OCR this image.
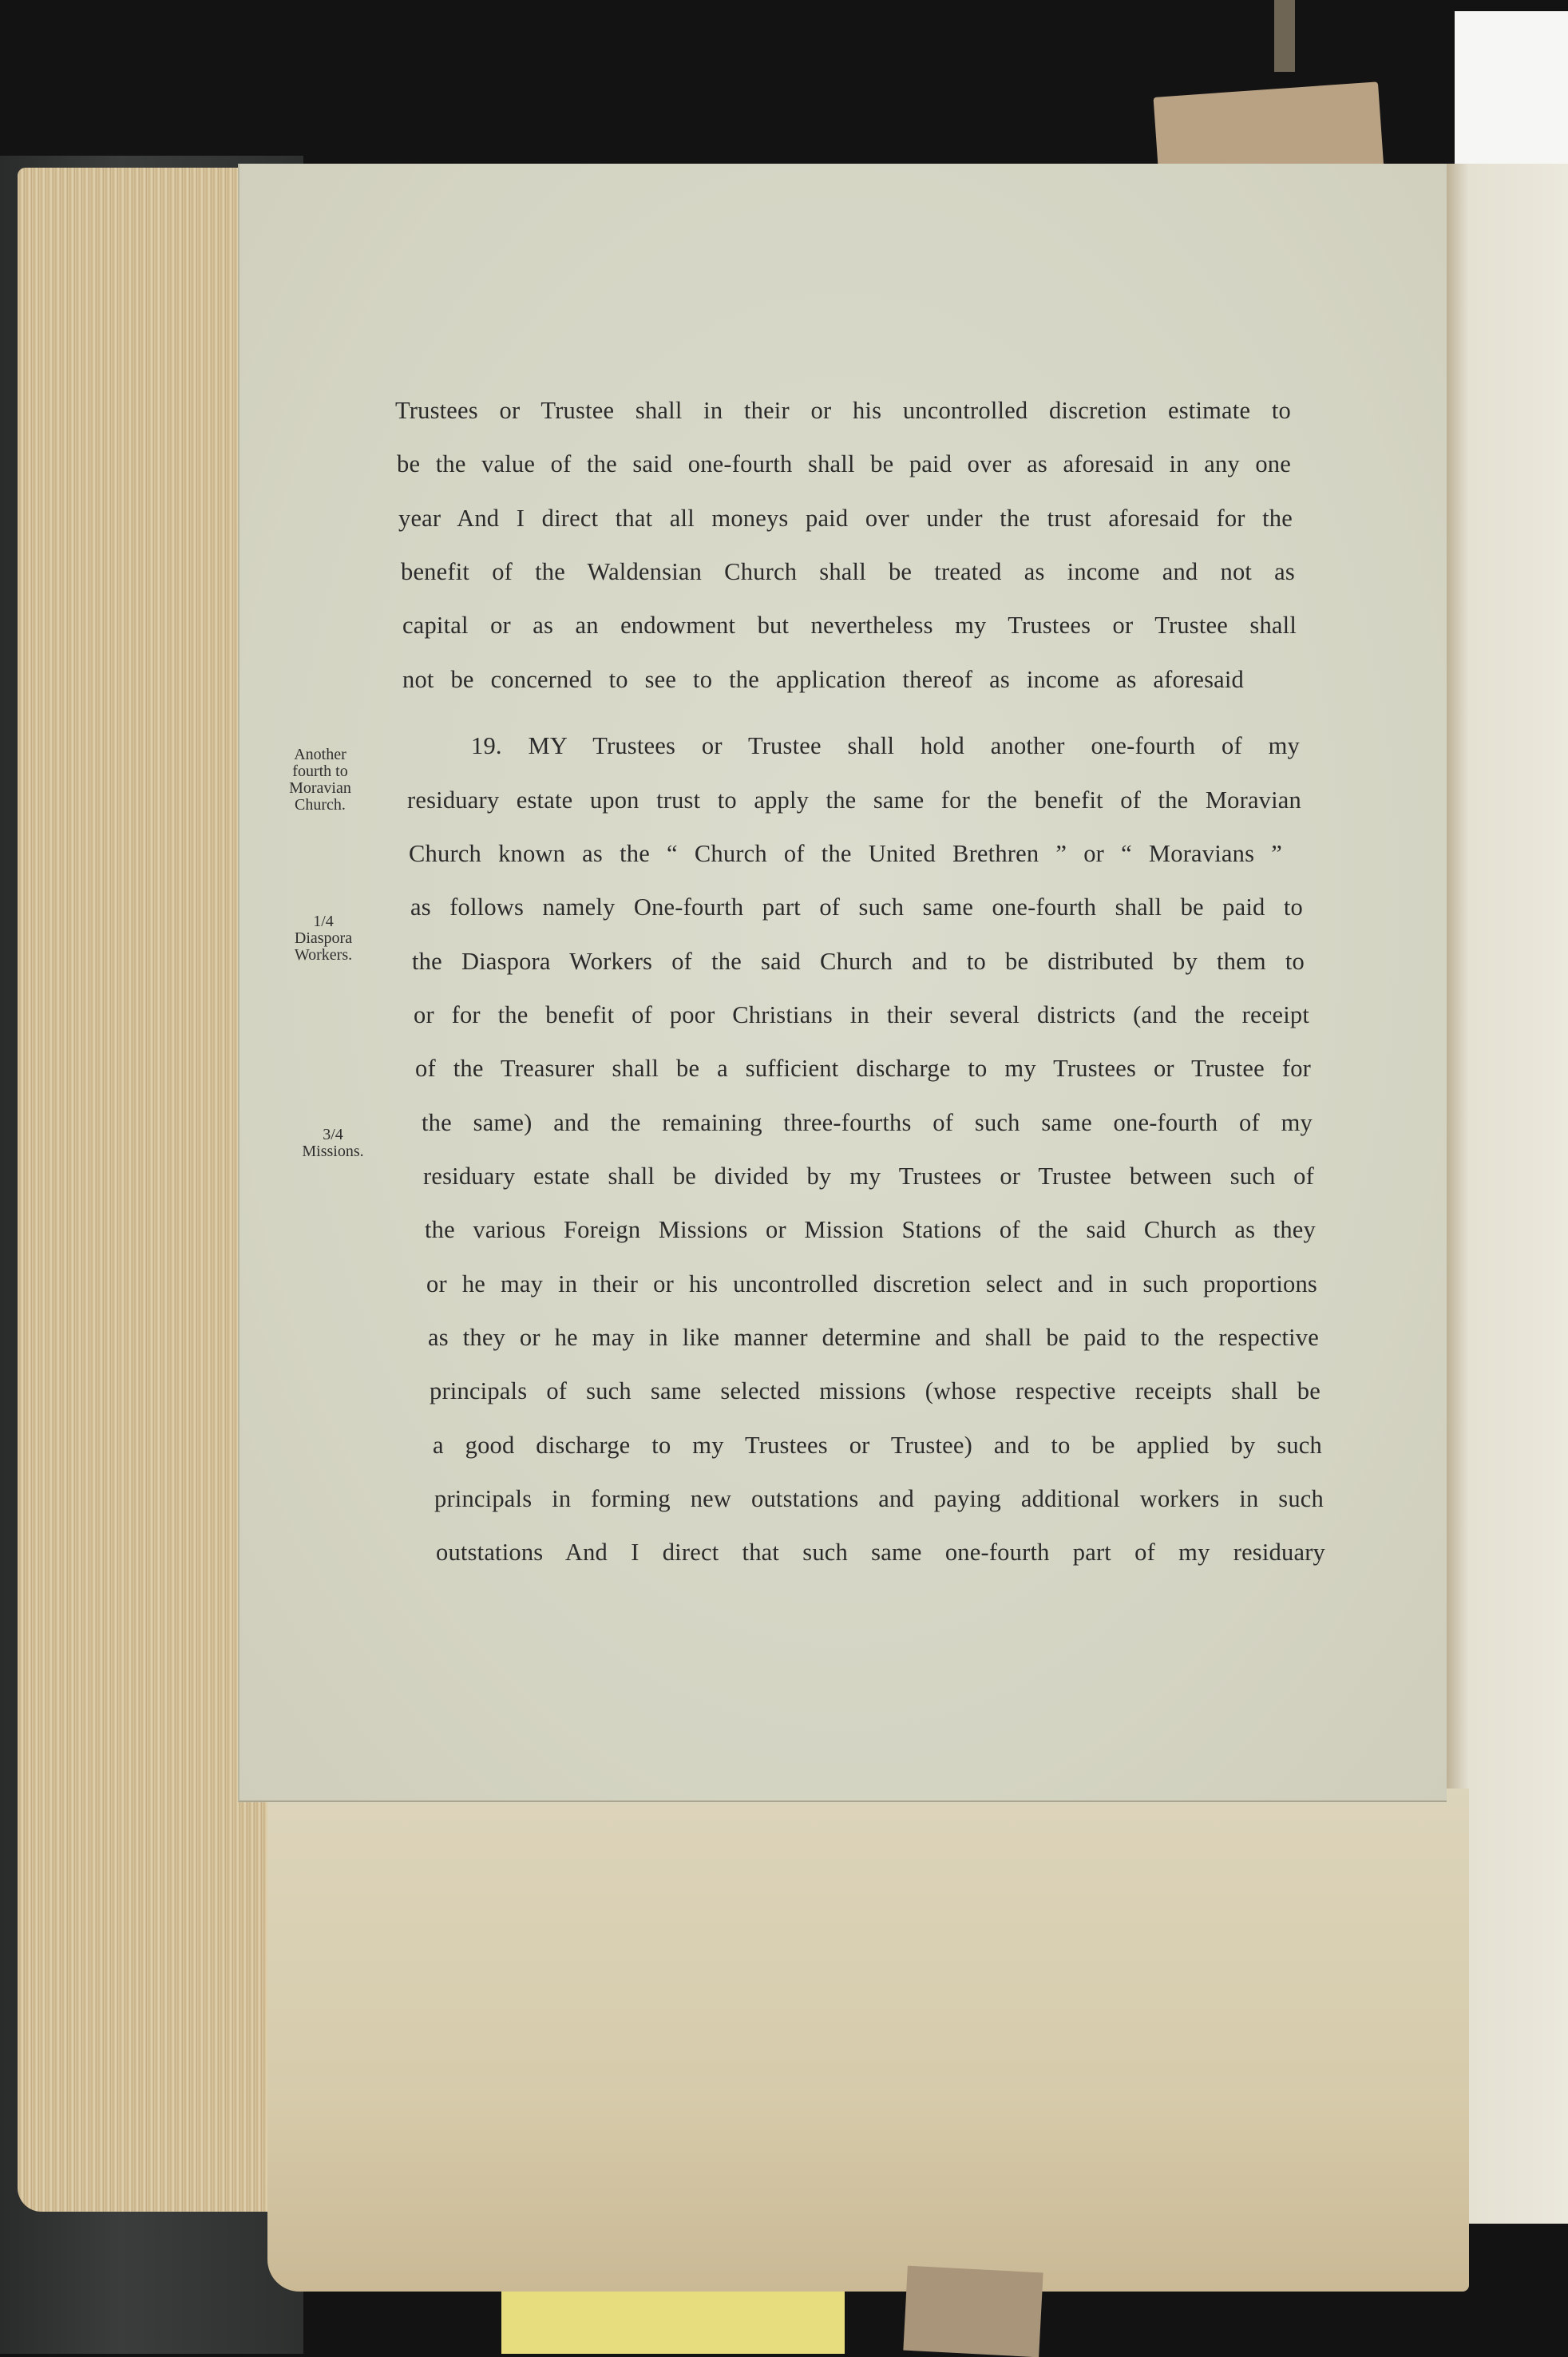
Trustees or Trustee shall in their or his uncontrolled discretion estimate to

be the value of the said one-fourth shall be paid over as aforesaid in any one

year And I direct that all moneys paid over under the trust aforesaid for the

benefit of the Waldensian Church shall be treated as income and not as

capital or as an endowment but nevertheless my Trustees or Trustee shall

not be concerned to see to the application thereof as income as aforesaid

19. MY Trustees or Trustee shall hold another one-fourth of my

residuary estate upon trust to apply the same for the benefit of the Moravian

Church known as the “ Church of the United Brethren ” or “ Moravians ”

as follows namely One-fourth part of such same one-fourth shall be paid to

the Diaspora Workers of the said Church and to be distributed by them to

or for the benefit of poor Christians in their several districts (and the receipt

of the Treasurer shall be a sufficient discharge to my Trustees or Trustee for

the same) and the remaining three-fourths of such same one-fourth of my

residuary estate shall be divided by my Trustees or Trustee between such of

the various Foreign Missions or Mission Stations of the said Church as they

or he may in their or his uncontrolled discretion select and in such proportions

as they or he may in like manner determine and shall be paid to the respective

principals of such same selected missions (whose respective receipts shall be

a good discharge to my Trustees or Trustee) and to be applied by such

principals in forming new outstations and paying additional workers in such

outstations And I direct that such same one-fourth part of my residuary

Another
fourth to
Moravian
Church.
1/4
Diaspora
Workers.
3/4
Missions.
